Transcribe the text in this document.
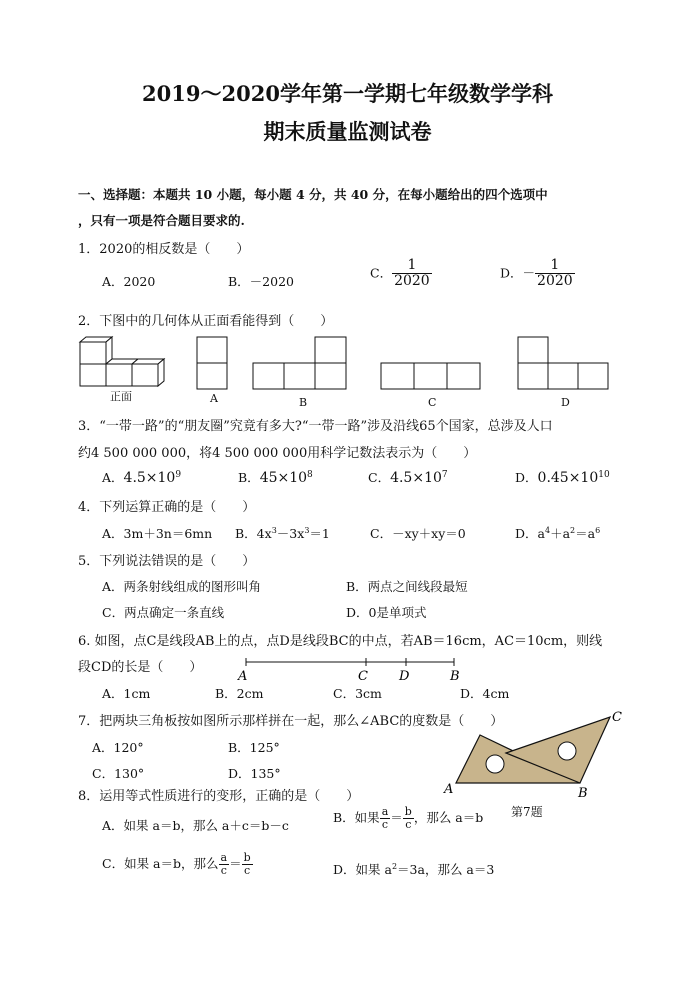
2019～2020学年第一学期七年级数学学科
期末质量监测试卷
一、选择题：本题共 10 小题，每小题 4 分，共 40 分，在每小题给出的四个选项中
，只有一项是符合题目要求的.
1．2020的相反数是（　　）
A．2020	B．－2020
C． $\frac{1}{2020}$	D．－ $\frac{1}{2020}$
2．下图中的几何体从正面看能得到（　　）
正面	A	B	C	D
3．“一带一路”的“朋友圈”究竟有多大?“一带一路”涉及沿线65个国家，总涉及人口
约4 500 000 000，将4 500 000 000用科学记数法表示为（　　）
A．$4.5\times 10^9$	B．$45\times 10^8$	C．$4.5\times 10^7$	D．$0.45\times 10^{10}$
4．下列运算正确的是（　　）
A．3m＋3n＝6mn B．$4x^3-3x^3=1$	C．－xy＋xy＝0	D．$a^4+a^2=a^6$
5．下列说法错误的是（　　）
A．两条射线组成的图形叫角	B．两点之间线段最短
C．两点确定一条直线	D．0是单项式
6. 如图，点C是线段AB上的点，点D是线段BC的中点，若AB＝16cm，AC＝10cm，则线
段CD的长是（　　）
A	C D	B
A．1cm	B．2cm	C．3cm	D．4cm
7．把两块三角板按如图所示那样拼在一起，那么∠ABC的度数是（　　）
A．120°	B．125°
C．130°	D．135°
A	B
C
第7题
8．运用等式性质进行的变形，正确的是（　　）
A．如果 a＝b，那么 a＋c＝b－c
B．如果 $\frac{a}{c} = \frac{b}{c}$ ，那么 a＝b
C．如果 a＝b，那么 $\frac{a}{c} = \frac{b}{c}$	D．如果 $a^2=3a$，那么 a＝3
